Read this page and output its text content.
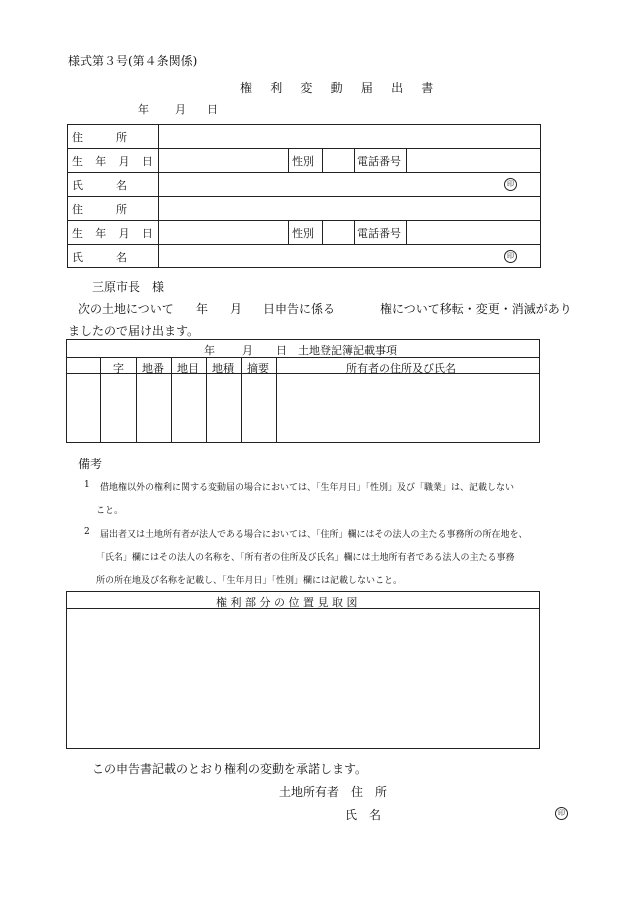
様式第３号(第４条関係)
権 利 変 動 届 出 書
年 月 日
住　　　所
生 年 月 日	性別	電話番号
氏　　　名	印
住　　　所
生 年 月 日	性別	電話番号
氏　　　名	印
三原市長　様
次の土地について 年 月 日申告に係る	権について移転・変更・消滅があり
ましたので届け出ます。
年 月 日　土地登記簿記載事項
字 地番 地目 地積 摘要	所有者の住所及び氏名
備考
1 借地権以外の権利に関する変動届の場合においては、「生年月日」「性別」及び「職業」は、記載しない
こと。
2 届出者又は土地所有者が法人である場合においては、「住所」欄にはその法人の主たる事務所の所在地を、
「氏名」欄にはその法人の名称を、「所有者の住所及び氏名」欄には土地所有者である法人の主たる事務
所の所在地及び名称を記載し、「生年月日」「性別」欄には記載しないこと。
権 利 部 分 の 位 置 見 取 図
この申告書記載のとおり権利の変動を承諾します。
土地所有者　住　所
氏　名	印
